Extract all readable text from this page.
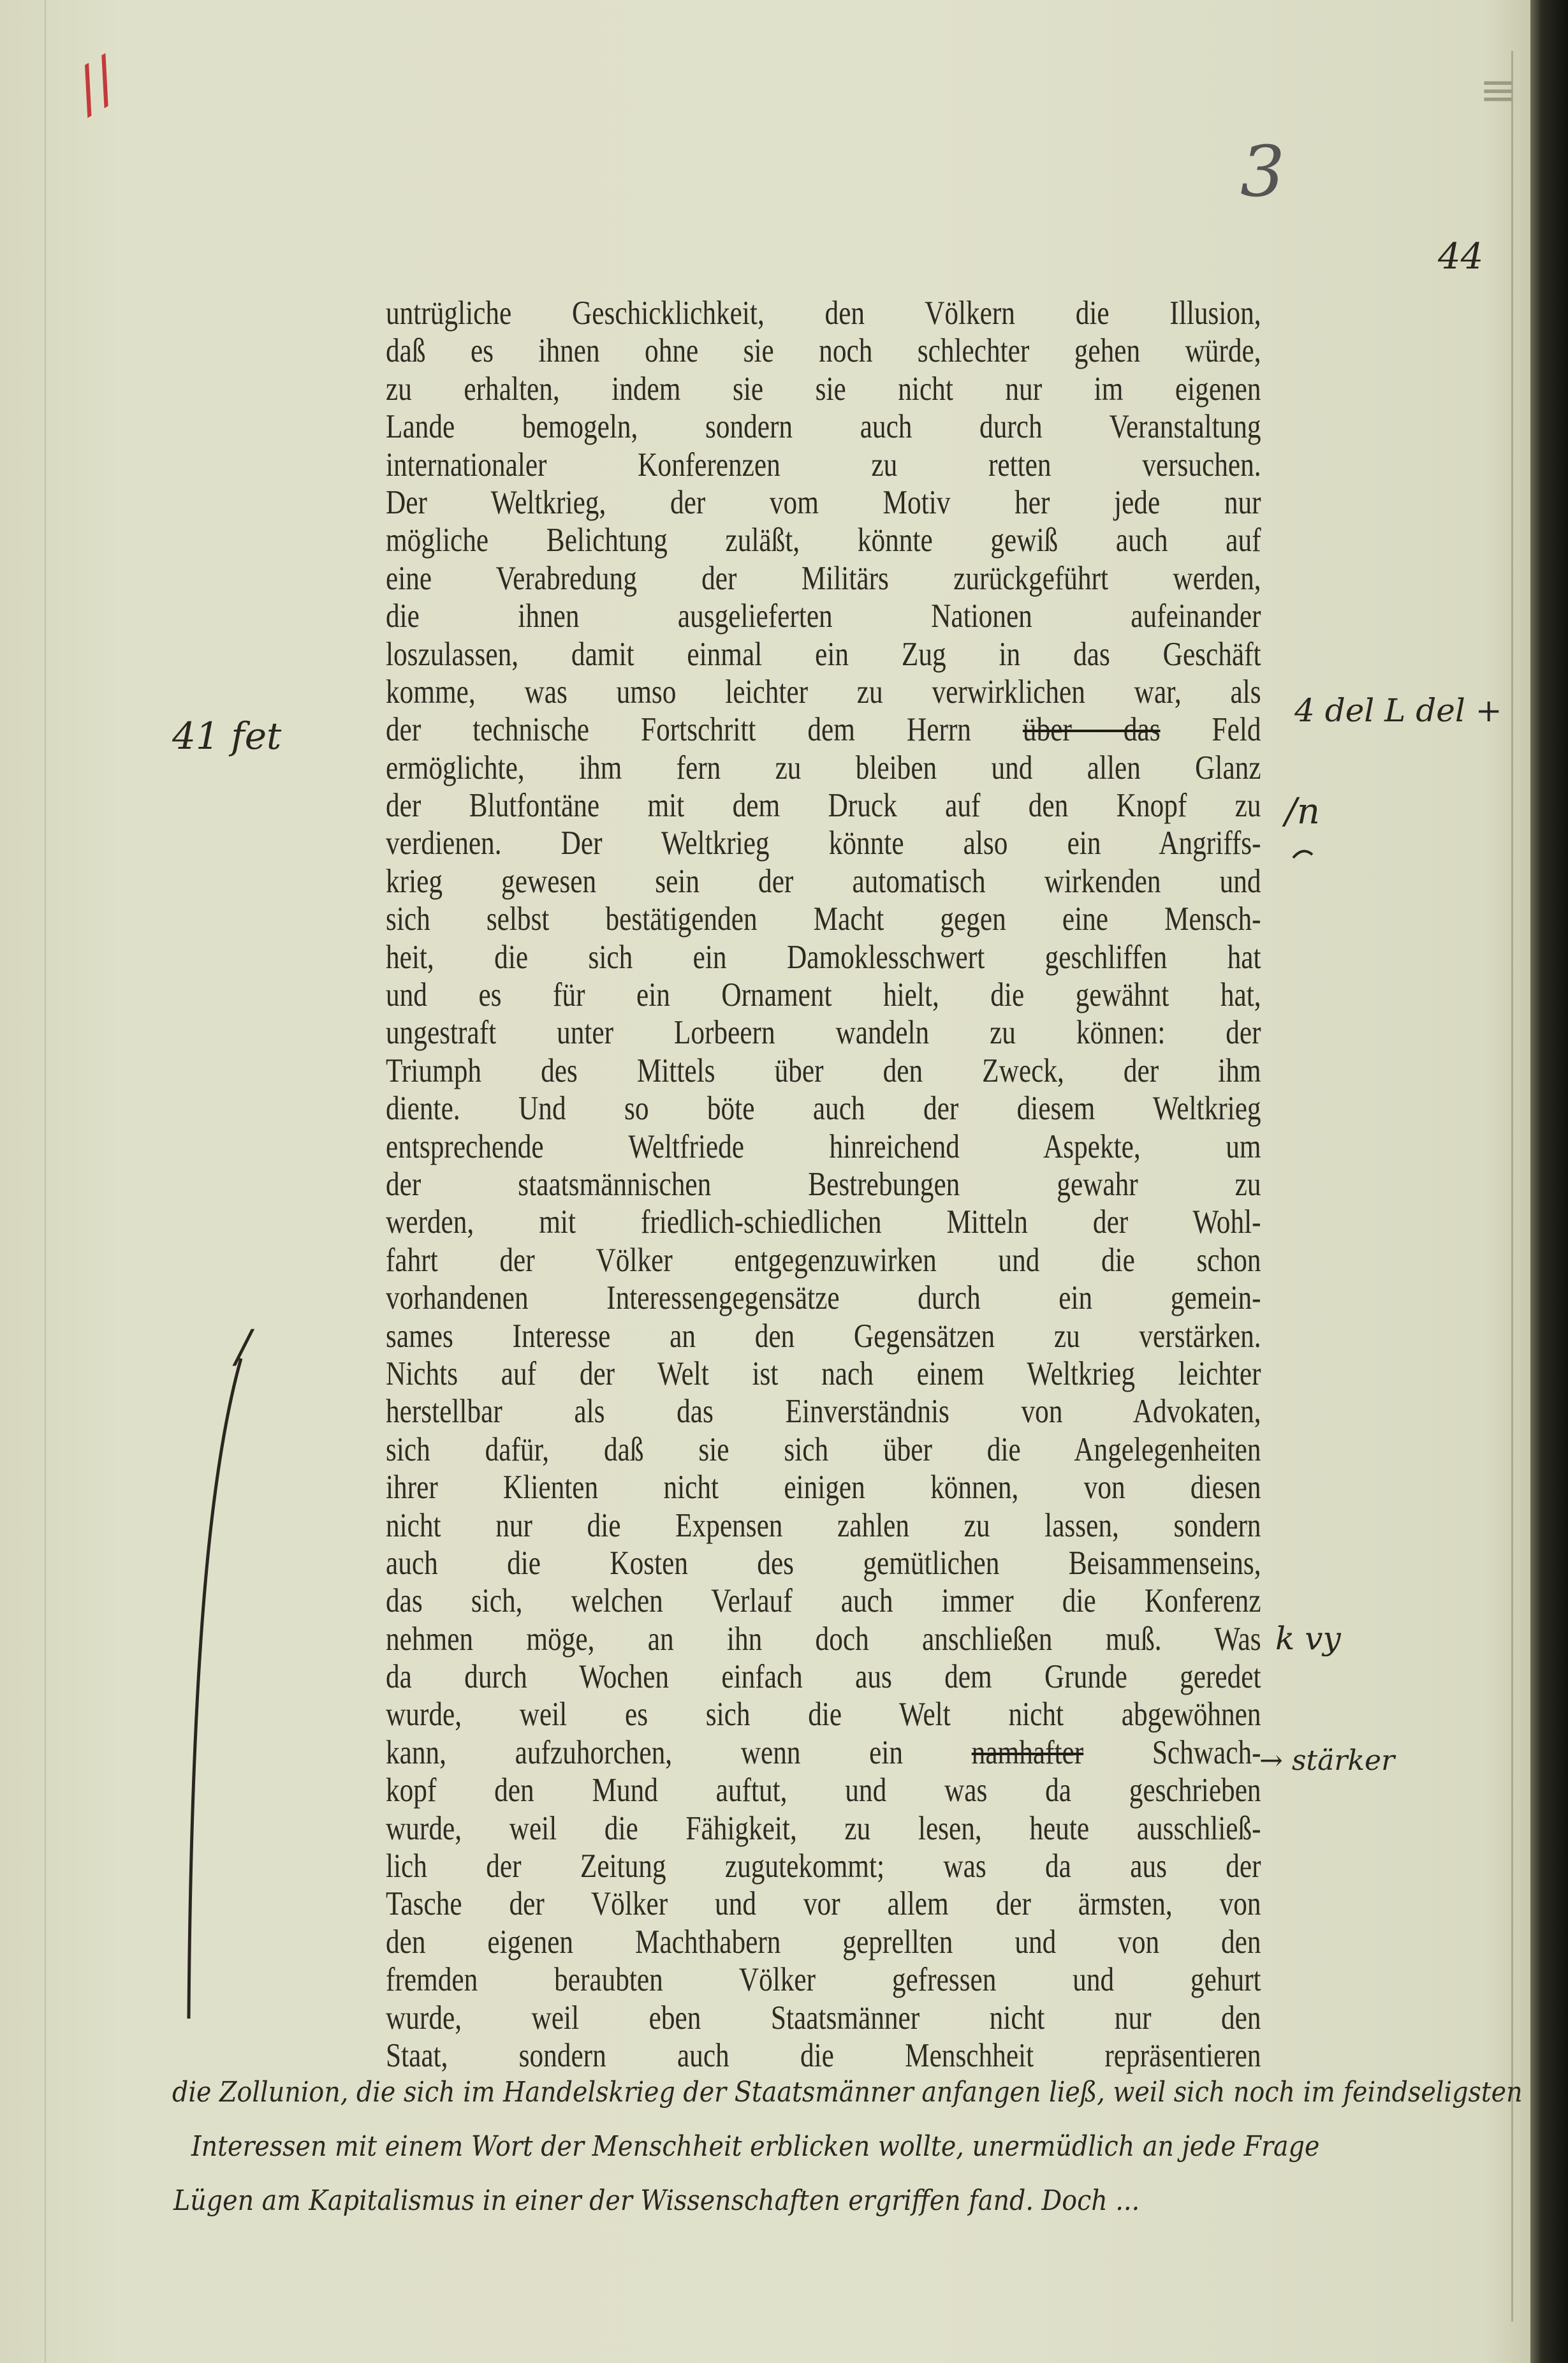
//
3
44
≡
untrügliche Geschicklichkeit, den Völkern die Illusion,
daß es ihnen ohne sie noch schlechter gehen würde,
zu erhalten, indem sie sie nicht nur im eigenen
Lande bemogeln, sondern auch durch Veranstaltung
internationaler Konferenzen zu retten versuchen.
Der Weltkrieg, der vom Motiv her jede nur
mögliche Belichtung zuläßt, könnte gewiß auch auf
eine Verabredung der Militärs zurückgeführt werden,
die ihnen ausgelieferten Nationen aufeinander
loszulassen, damit einmal ein Zug in das Geschäft
komme, was umso leichter zu verwirklichen war, als
der technische Fortschritt dem Herrn über das Feld
ermöglichte, ihm fern zu bleiben und allen Glanz
der Blutfontäne mit dem Druck auf den Knopf zu
verdienen. Der Weltkrieg könnte also ein Angriffs-
krieg gewesen sein der automatisch wirkenden und
sich selbst bestätigenden Macht gegen eine Mensch-
heit, die sich ein Damoklesschwert geschliffen hat
und es für ein Ornament hielt, die gewähnt hat,
ungestraft unter Lorbeern wandeln zu können: der
Triumph des Mittels über den Zweck, der ihm
diente. Und so böte auch der diesem Weltkrieg
entsprechende Weltfriede hinreichend Aspekte, um
der staatsmännischen Bestrebungen gewahr zu
werden, mit friedlich-schiedlichen Mitteln der Wohl-
fahrt der Völker entgegenzuwirken und die schon
vorhandenen Interessengegensätze durch ein gemein-
sames Interesse an den Gegensätzen zu verstärken.
Nichts auf der Welt ist nach einem Weltkrieg leichter
herstellbar als das Einverständnis von Advokaten,
sich dafür, daß sie sich über die Angelegenheiten
ihrer Klienten nicht einigen können, von diesen
nicht nur die Expensen zahlen zu lassen, sondern
auch die Kosten des gemütlichen Beisammenseins,
das sich, welchen Verlauf auch immer die Konferenz
nehmen möge, an ihn doch anschließen muß. Was
da durch Wochen einfach aus dem Grunde geredet
wurde, weil es sich die Welt nicht abgewöhnen
kann, aufzuhorchen, wenn ein namhafter Schwach-
kopf den Mund auftut, und was da geschrieben
wurde, weil die Fähigkeit, zu lesen, heute ausschließ-
lich der Zeitung zugutekommt; was da aus der
Tasche der Völker und vor allem der ärmsten, von
den eigenen Machthabern geprellten und von den
fremden beraubten Völker gefressen und gehurt
wurde, weil eben Staatsmänner nicht nur den
Staat, sondern auch die Menschheit repräsentieren
41 fet
4 del L del +
/n
k vy
→ stärker
/
die Zollunion, die sich im Handelskrieg der Staatsmänner anfangen ließ, weil sich noch im feindseligsten
Interessen mit einem Wort der Menschheit erblicken wollte, unermüdlich an jede Frage
Lügen am Kapitalismus in einer der Wissenschaften ergriffen fand. Doch ...
